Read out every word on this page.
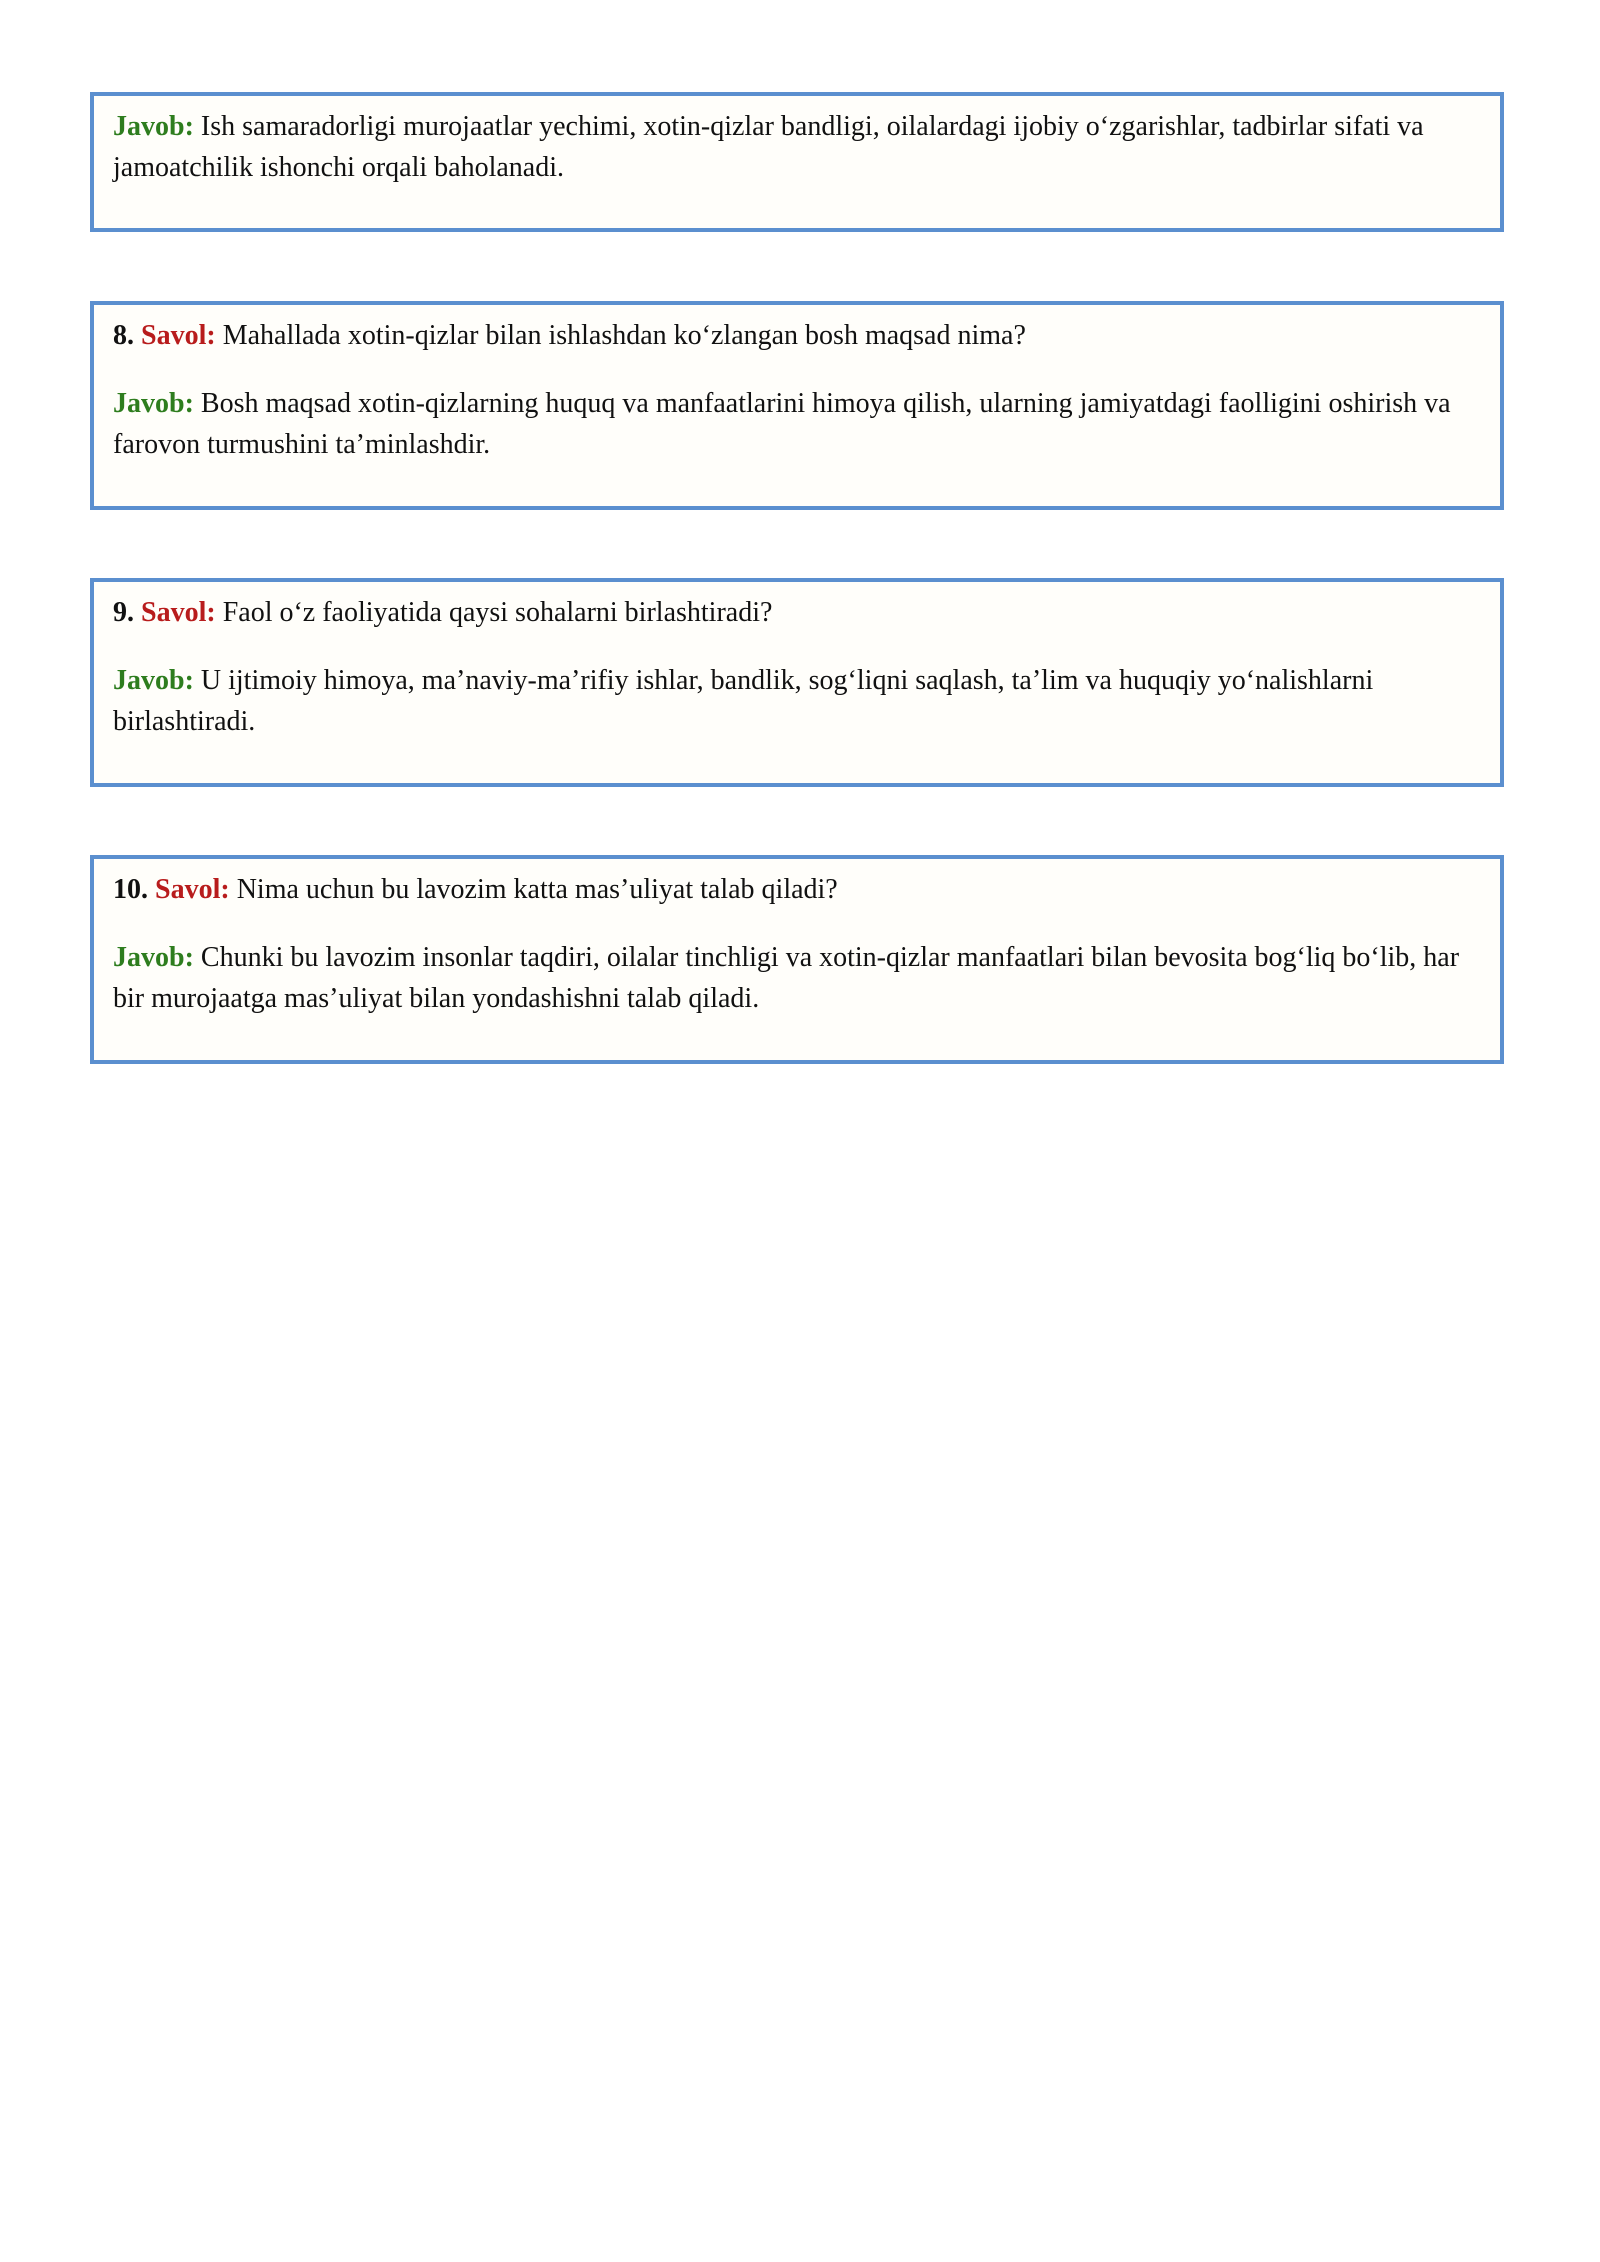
Javob: Ish samaradorligi murojaatlar yechimi, xotin-qizlar bandligi, oilalardagi ijobiy o‘zgarishlar, tadbirlar sifati va jamoatchilik ishonchi orqali baholanadi.

8. Savol: Mahallada xotin-qizlar bilan ishlashdan ko‘zlangan bosh maqsad nima?

Javob: Bosh maqsad xotin-qizlarning huquq va manfaatlarini himoya qilish, ularning jamiyatdagi faolligini oshirish va farovon turmushini ta’minlashdir.

9. Savol: Faol o‘z faoliyatida qaysi sohalarni birlashtiradi?

Javob: U ijtimoiy himoya, ma’naviy-ma’rifiy ishlar, bandlik, sog‘liqni saqlash, ta’lim va huquqiy yo‘nalishlarni birlashtiradi.

10. Savol: Nima uchun bu lavozim katta mas’uliyat talab qiladi?

Javob: Chunki bu lavozim insonlar taqdiri, oilalar tinchligi va xotin-qizlar manfaatlari bilan bevosita bog‘liq bo‘lib, har bir murojaatga mas’uliyat bilan yondashishni talab qiladi.
